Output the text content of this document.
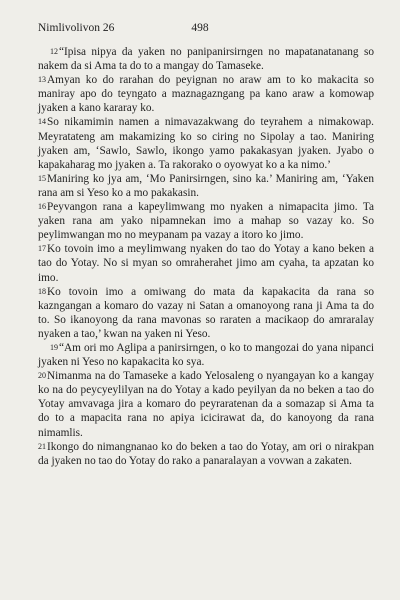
Nimlivolivon 26	498

12“Ipisa nipya da yaken no panipanirsirngen no mapatanatanang so nakem da si Ama ta do to a mangay do Tamaseke.

13Amyan ko do rarahan do peyignan no araw am to ko makacita so maniray apo do teyngato a maznagazngang pa kano araw a komowap jyaken a kano kararay ko.

14So nikamimin namen a nimavazakwang do teyrahem a nimakowap. Meyratateng am makamizing ko so ciring no Sipolay a tao. Maniring jyaken am, ‘Sawlo, Sawlo, ikongo yamo pakakasyan jyaken. Jyabo o kapakaharag mo jyaken a. Ta rakorako o oyowyat ko a ka nimo.’

15Maniring ko jya am, ‘Mo Panirsirngen, sino ka.’ Maniring am, ‘Yaken rana am si Yeso ko a mo pakakasin.

16Peyvangon rana a kapeylimwang mo nyaken a nimapacita jimo. Ta yaken rana am yako nipamnekan imo a mahap so vazay ko. So peylimwangan mo no meypanam pa vazay a itoro ko jimo.

17Ko tovoin imo a meylimwang nyaken do tao do Yotay a kano beken a tao do Yotay. No si myan so omraherahet jimo am cyaha, ta apzatan ko imo.

18Ko tovoin imo a omiwang do mata da kapakacita da rana so kazngangan a komaro do vazay ni Satan a omanoyong rana ji Ama ta do to. So ikanoyong da rana mavonas so raraten a macikaop do amraralay nyaken a tao,’ kwan na yaken ni Yeso.

19“Am ori mo Aglipa a panirsirngen, o ko to mangozai do yana nipanci jyaken ni Yeso no kapakacita ko sya.

20Nimanma na do Tamaseke a kado Yelosaleng o nyangayan ko a kangay ko na do peycyeylilyan na do Yotay a kado peyilyan da no beken a tao do Yotay amvavaga jira a komaro do peyraratenan da a somazap si Ama ta do to a mapacita rana no apiya icicirawat da, do kanoyong da rana nimamlis.

21Ikongo do nimangnanao ko do beken a tao do Yotay, am ori o nirakpan da jyaken no tao do Yotay do rako a panaralayan a vovwan a zakaten.
